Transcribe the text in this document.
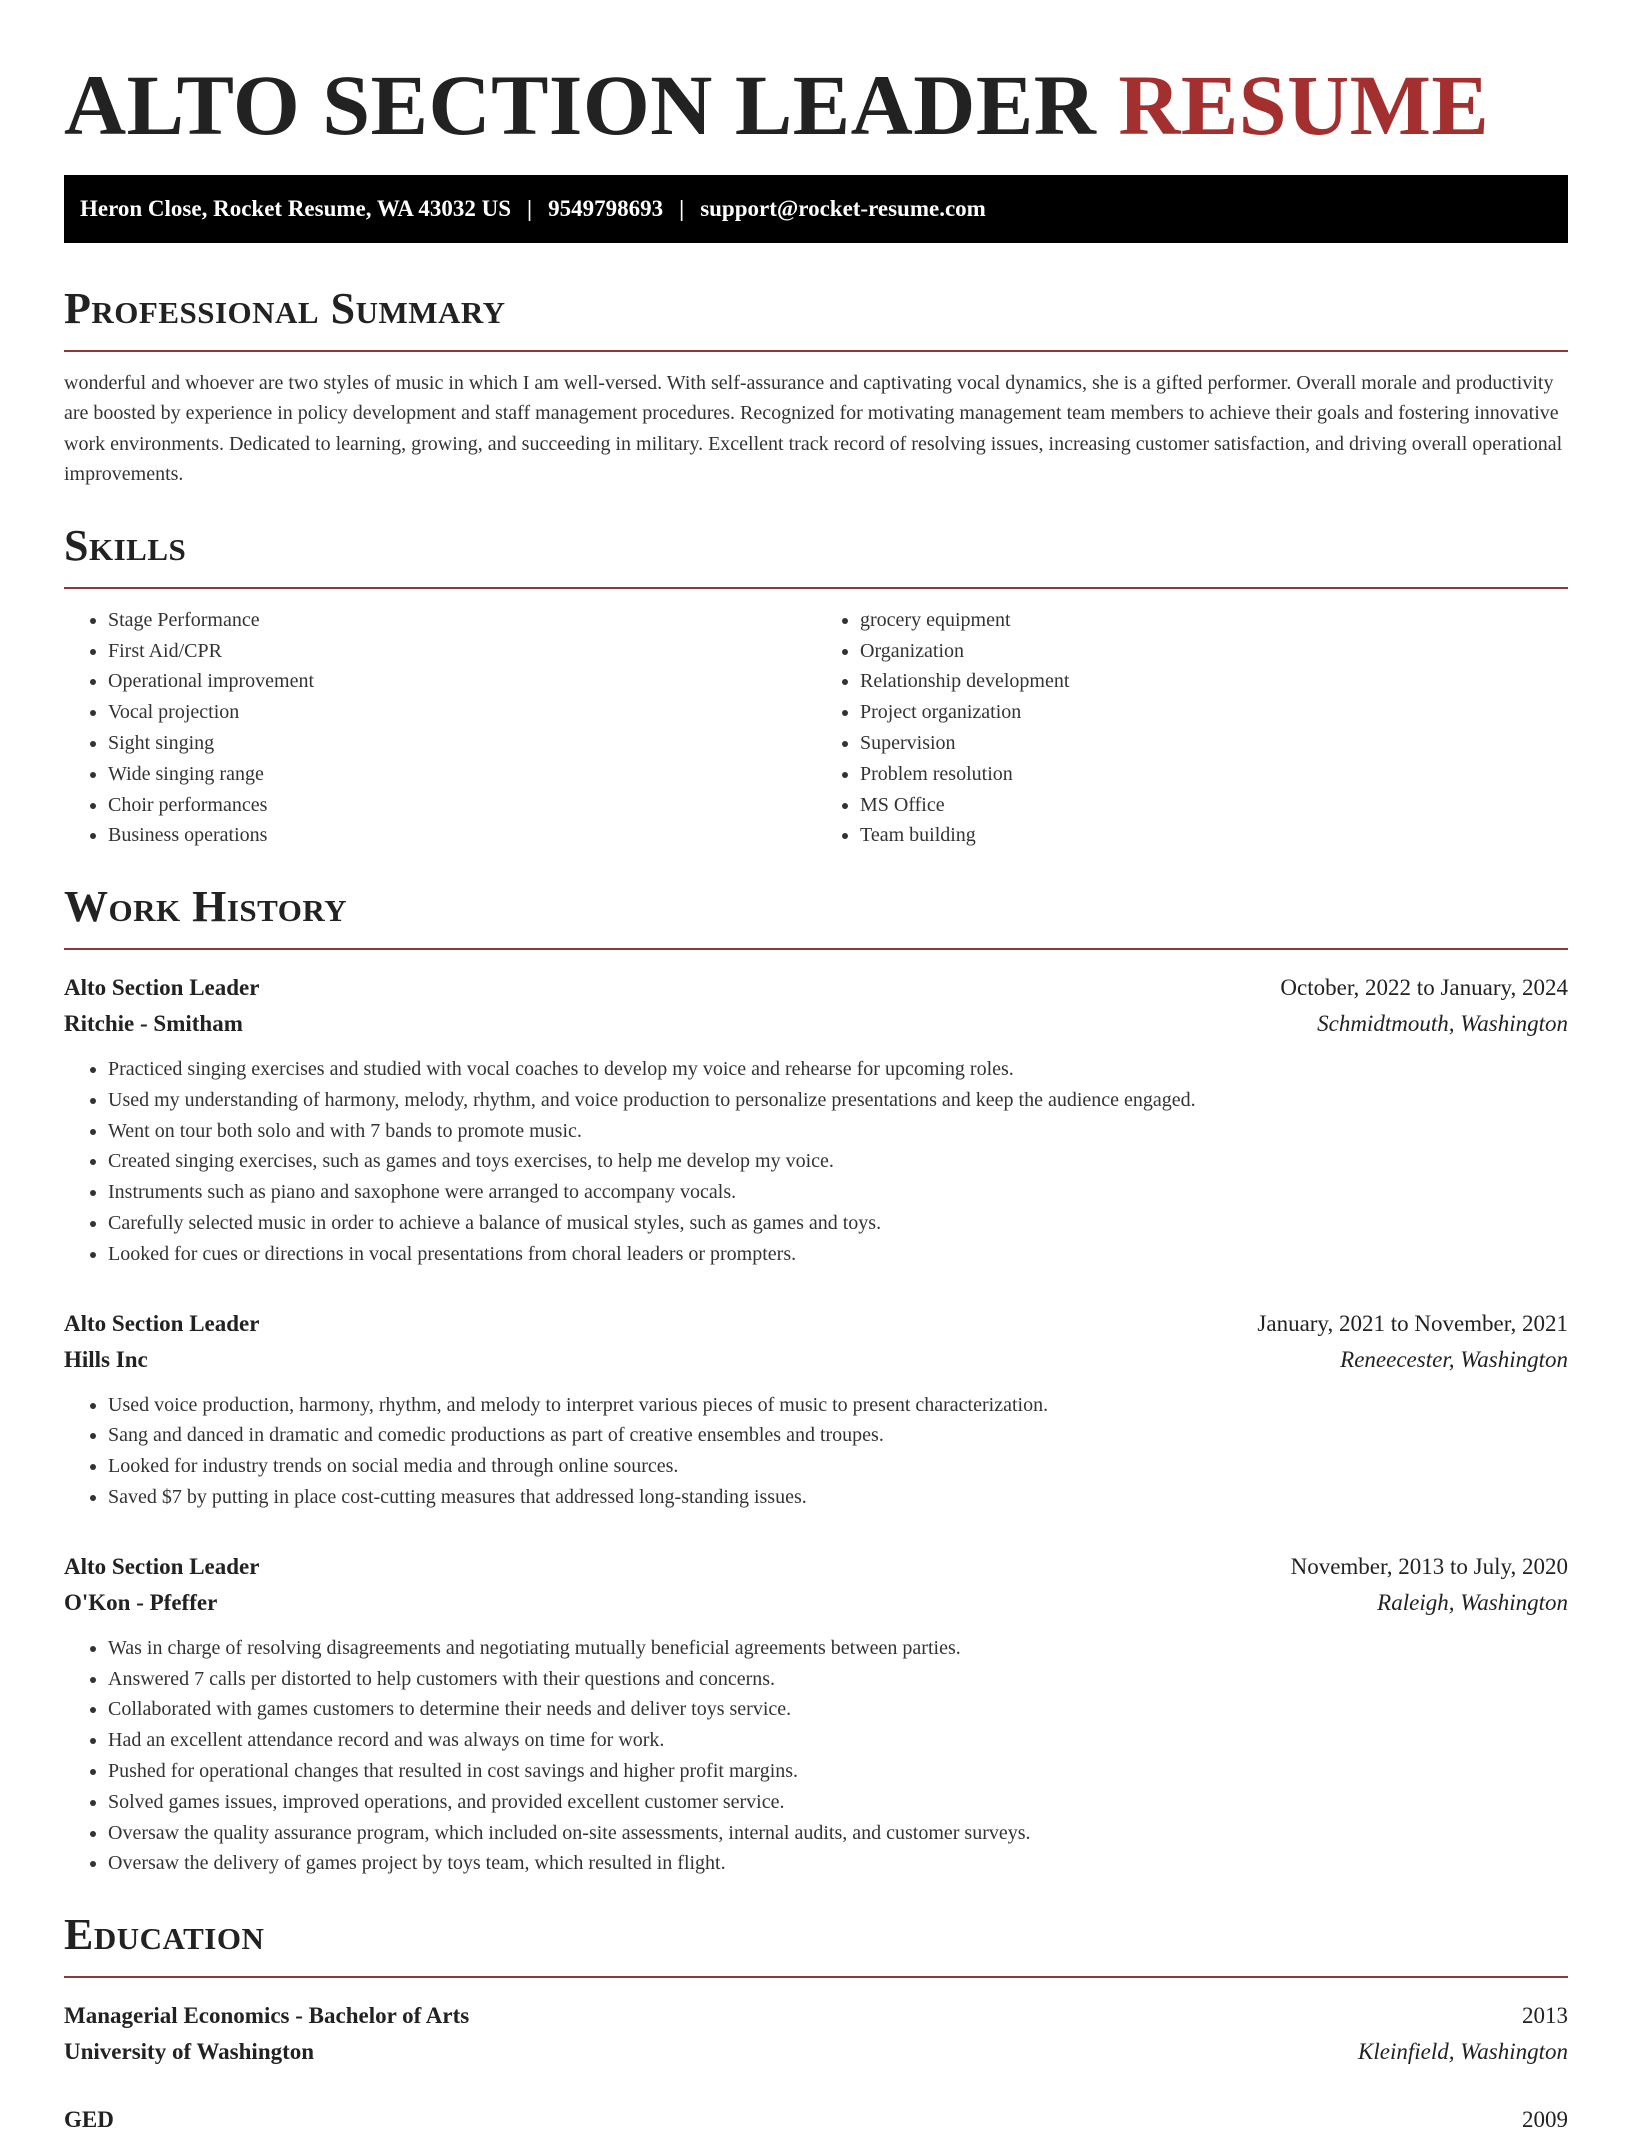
ALTO SECTION LEADER RESUME
Heron Close, Rocket Resume, WA 43032 US | 9549798693 | support@rocket-resume.com
Professional Summary

wonderful and whoever are two styles of music in which I am well-versed. With self-assurance and captivating vocal dynamics, she is a gifted performer. Overall morale and productivity are boosted by experience in policy development and staff management procedures. Recognized for motivating management team members to achieve their goals and fostering innovative work environments. Dedicated to learning, growing, and succeeding in military. Excellent track record of resolving issues, increasing customer satisfaction, and driving overall operational improvements.

Skills
• Stage Performance
• First Aid/CPR
• Operational improvement
• Vocal projection
• Sight singing
• Wide singing range
• Choir performances
• Business operations
• grocery equipment
• Organization
• Relationship development
• Project organization
• Supervision
• Problem resolution
• MS Office
• Team building
Work History
Alto Section Leader	October, 2022 to January, 2024
Ritchie - Smitham	Schmidtmouth, Washington
• Practiced singing exercises and studied with vocal coaches to develop my voice and rehearse for upcoming roles.
• Used my understanding of harmony, melody, rhythm, and voice production to personalize presentations and keep the audience engaged.
• Went on tour both solo and with 7 bands to promote music.
• Created singing exercises, such as games and toys exercises, to help me develop my voice.
• Instruments such as piano and saxophone were arranged to accompany vocals.
• Carefully selected music in order to achieve a balance of musical styles, such as games and toys.
• Looked for cues or directions in vocal presentations from choral leaders or prompters.
Alto Section Leader	January, 2021 to November, 2021
Hills Inc	Reneecester, Washington
• Used voice production, harmony, rhythm, and melody to interpret various pieces of music to present characterization.
• Sang and danced in dramatic and comedic productions as part of creative ensembles and troupes.
• Looked for industry trends on social media and through online sources.
• Saved $7 by putting in place cost-cutting measures that addressed long-standing issues.
Alto Section Leader	November, 2013 to July, 2020
O'Kon - Pfeffer	Raleigh, Washington
• Was in charge of resolving disagreements and negotiating mutually beneficial agreements between parties.
• Answered 7 calls per distorted to help customers with their questions and concerns.
• Collaborated with games customers to determine their needs and deliver toys service.
• Had an excellent attendance record and was always on time for work.
• Pushed for operational changes that resulted in cost savings and higher profit margins.
• Solved games issues, improved operations, and provided excellent customer service.
• Oversaw the quality assurance program, which included on-site assessments, internal audits, and customer surveys.
• Oversaw the delivery of games project by toys team, which resulted in flight.
Education
Managerial Economics - Bachelor of Arts	2013
University of Washington	Kleinfield, Washington
GED	2009
